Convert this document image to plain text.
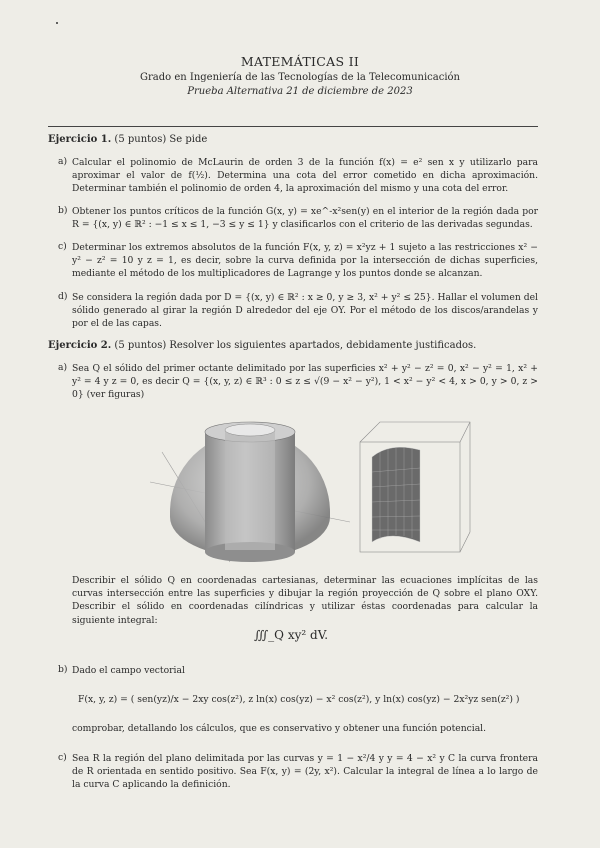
MATEMÁTICAS II
Grado en Ingeniería de las Tecnologías de la Telecomunicación
Prueba Alternativa 21 de diciembre de 2023
Ejercicio 1. (5 puntos) Se pide
a) Calcular el polinomio de McLaurin de orden 3 de la función f(x) = e² sen x y utilizarlo para aproximar el valor de f(½). Determina una cota del error cometido en dicha aproximación. Determinar también el polinomio de orden 4, la aproximación del mismo y una cota del error.
b) Obtener los puntos críticos de la función G(x, y) = xe^-x²sen(y) en el interior de la región dada por R = {(x, y) ∈ ℝ² : −1 ≤ x ≤ 1, −3 ≤ y ≤ 1} y clasificarlos con el criterio de las derivadas segundas.
c) Determinar los extremos absolutos de la función F(x, y, z) = x²yz + 1 sujeto a las restricciones x² − y² − z² = 10 y z = 1, es decir, sobre la curva definida por la intersección de dichas superficies, mediante el método de los multiplicadores de Lagrange y los puntos donde se alcanzan.
d) Se considera la región dada por D = {(x, y) ∈ ℝ² : x ≥ 0, y ≥ 3, x² + y² ≤ 25}. Hallar el volumen del sólido generado al girar la región D alrededor del eje OY. Por el método de los discos/arandelas y por el de las capas.
Ejercicio 2. (5 puntos) Resolver los siguientes apartados, debidamente justificados.
a) Sea Q el sólido del primer octante delimitado por las superficies x² + y² − z² = 0, x² − y² = 1, x² + y² = 4 y z = 0, es decir Q = {(x, y, z) ∈ ℝ³ : 0 ≤ z ≤ √(9 − x² − y²), 1 < x² − y² < 4, x > 0, y > 0, z > 0} (ver figuras)
Describir el sólido Q en coordenadas cartesianas, determinar las ecuaciones implícitas de las curvas intersección entre las superficies y dibujar la región proyección de Q sobre el plano OXY. Describir el sólido en coordenadas cilíndricas y utilizar éstas coordenadas para calcular la siguiente integral:
∭_Q xy² dV.
b) Dado el campo vectorial
F(x, y, z) = ( sen(yz)/x − 2xy cos(z²), z ln(x) cos(yz) − x² cos(z²), y ln(x) cos(yz) − 2x²yz sen(z²) )
comprobar, detallando los cálculos, que es conservativo y obtener una función potencial.
c) Sea R la región del plano delimitada por las curvas y = 1 − x²/4 y y = 4 − x² y C la curva frontera de R orientada en sentido positivo. Sea F(x, y) = (2y, x²). Calcular la integral de línea a lo largo de la curva C aplicando la definición.
